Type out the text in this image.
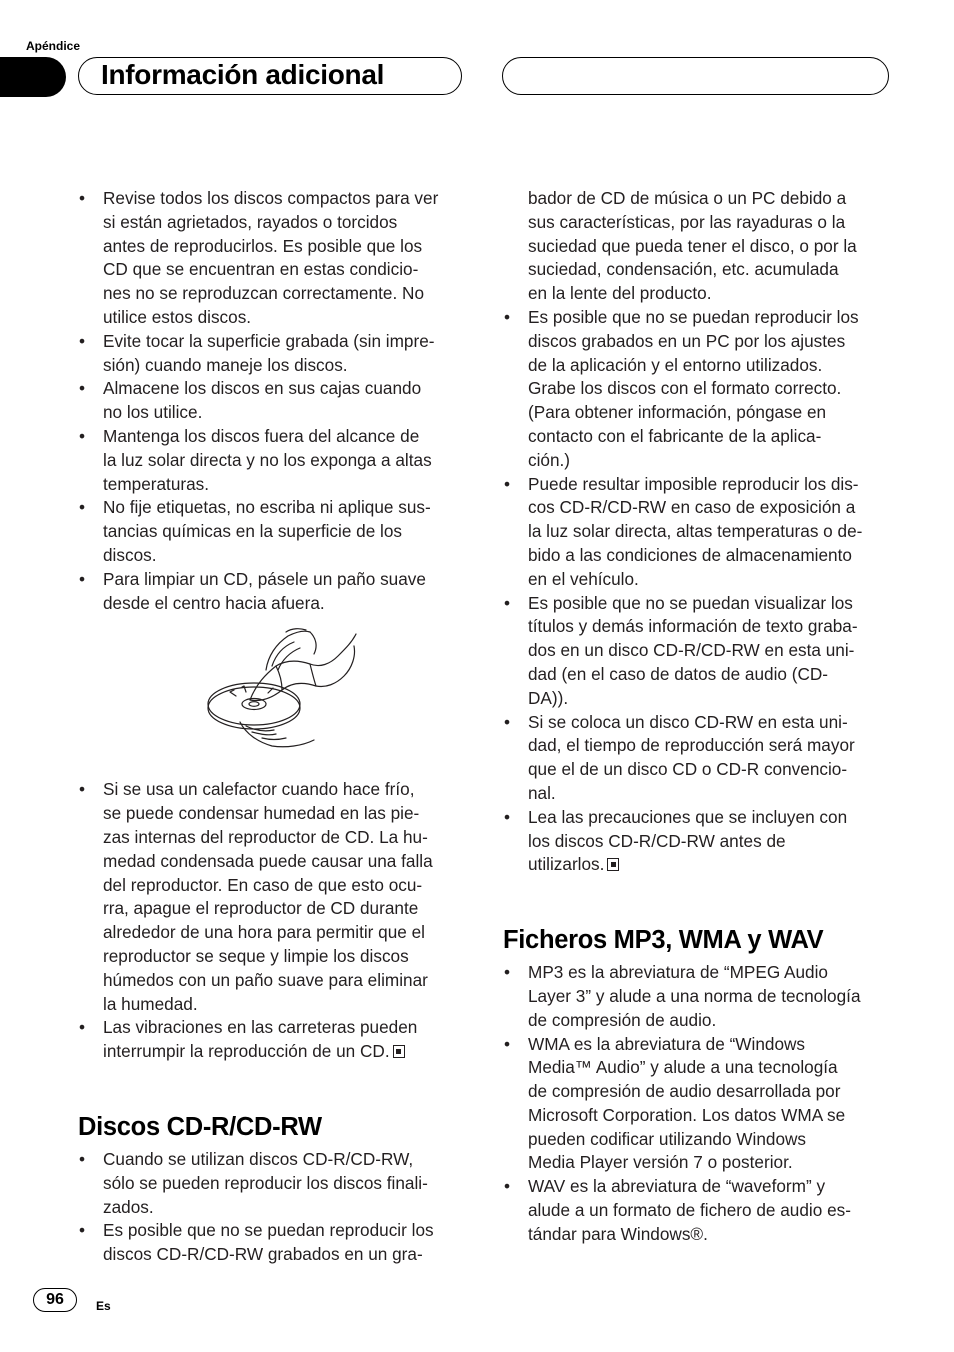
Apéndice
Información adicional
• Revise todos los discos compactos para ver
si están agrietados, rayados o torcidos
antes de reproducirlos. Es posible que los
CD que se encuentran en estas condicio-
nes no se reproduzcan correctamente. No
utilice estos discos.
• Evite tocar la superficie grabada (sin impre-
sión) cuando maneje los discos.
• Almacene los discos en sus cajas cuando
no los utilice.
• Mantenga los discos fuera del alcance de
la luz solar directa y no los exponga a altas
temperaturas.
• No fije etiquetas, no escriba ni aplique sus-
tancias químicas en la superficie de los
discos.
• Para limpiar un CD, pásele un paño suave
desde el centro hacia afuera.
• Si se usa un calefactor cuando hace frío,
se puede condensar humedad en las pie-
zas internas del reproductor de CD. La hu-
medad condensada puede causar una falla
del reproductor. En caso de que esto ocu-
rra, apague el reproductor de CD durante
alrededor de una hora para permitir que el
reproductor se seque y limpie los discos
húmedos con un paño suave para eliminar
la humedad.
• Las vibraciones en las carreteras pueden
interrumpir la reproducción de un CD.
Discos CD-R/CD-RW
• Cuando se utilizan discos CD-R/CD-RW,
sólo se pueden reproducir los discos finali-
zados.
• Es posible que no se puedan reproducir los
discos CD-R/CD-RW grabados en un gra-
bador de CD de música o un PC debido a
sus características, por las rayaduras o la
suciedad que pueda tener el disco, o por la
suciedad, condensación, etc. acumulada
en la lente del producto.
• Es posible que no se puedan reproducir los
discos grabados en un PC por los ajustes
de la aplicación y el entorno utilizados.
Grabe los discos con el formato correcto.
(Para obtener información, póngase en
contacto con el fabricante de la aplica-
ción.)
• Puede resultar imposible reproducir los dis-
cos CD-R/CD-RW en caso de exposición a
la luz solar directa, altas temperaturas o de-
bido a las condiciones de almacenamiento
en el vehículo.
• Es posible que no se puedan visualizar los
títulos y demás información de texto graba-
dos en un disco CD-R/CD-RW en esta uni-
dad (en el caso de datos de audio (CD-
DA)).
• Si se coloca un disco CD-RW en esta uni-
dad, el tiempo de reproducción será mayor
que el de un disco CD o CD-R convencio-
nal.
• Lea las precauciones que se incluyen con
los discos CD-R/CD-RW antes de
utilizarlos.
Ficheros MP3, WMA y WAV
• MP3 es la abreviatura de “MPEG Audio
Layer 3” y alude a una norma de tecnología
de compresión de audio.
• WMA es la abreviatura de “Windows
Media™ Audio” y alude a una tecnología
de compresión de audio desarrollada por
Microsoft Corporation. Los datos WMA se
pueden codificar utilizando Windows
Media Player versión 7 o posterior.
• WAV es la abreviatura de “waveform” y
alude a un formato de fichero de audio es-
tándar para Windows®.
96	Es
